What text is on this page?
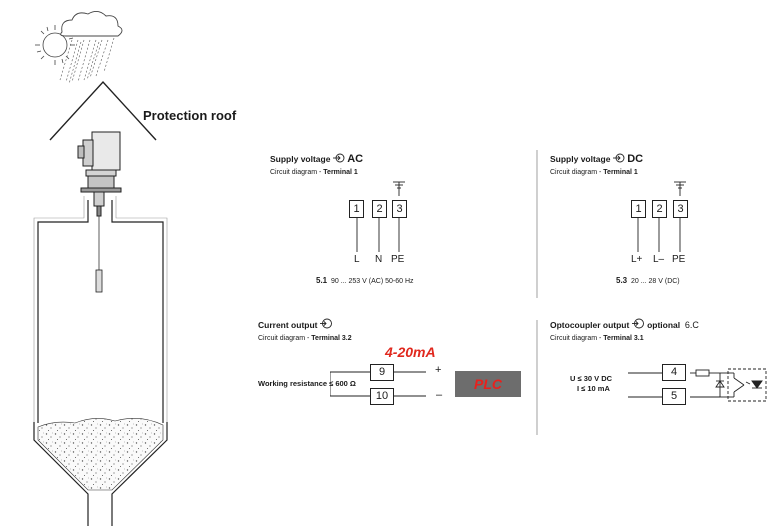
Protection roof
Supply voltage AC
Circuit diagram - Terminal 1
1	2	3
L N PE
5.1 90 ... 253 V (AC) 50-60 Hz
Supply voltage DC
Circuit diagram - Terminal 1
1	2	3
L+ L– PE
5.3 20 ... 28 V (DC)
Current output
Circuit diagram - Terminal 3.2
4-20mA
Working resistance ≤ 600 Ω
9
10
+
–
PLC
Optocoupler output optional 6.C
Circuit diagram - Terminal 3.1
U ≤ 30 V DC
I ≤ 10 mA
4
5
